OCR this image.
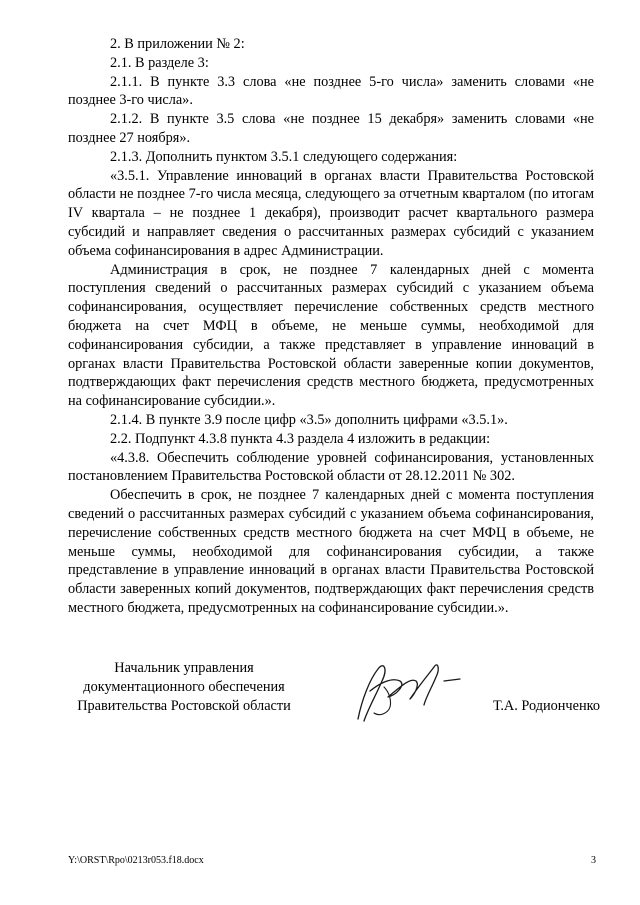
2. В приложении № 2:

2.1. В разделе 3:

2.1.1. В пункте 3.3 слова «не позднее 5-го числа» заменить словами «не позднее 3-го числа».

2.1.2. В пункте 3.5 слова «не позднее 15 декабря» заменить словами «не позднее 27 ноября».

2.1.3. Дополнить пунктом 3.5.1 следующего содержания:

«3.5.1. Управление инноваций в органах власти Правительства Ростовской области не позднее 7-го числа месяца, следующего за отчетным кварталом (по итогам IV квартала – не позднее 1 декабря), производит расчет квартального размера субсидий и направляет сведения о рассчитанных размерах субсидий с указанием объема софинансирования в адрес Администрации.

Администрация в срок, не позднее 7 календарных дней с момента поступления сведений о рассчитанных размерах субсидий с указанием объема софинансирования, осуществляет перечисление собственных средств местного бюджета на счет МФЦ в объеме, не меньше суммы, необходимой для софинансирования субсидии, а также представляет в управление инноваций в органах власти Правительства Ростовской области заверенные копии документов, подтверждающих факт перечисления средств местного бюджета, предусмотренных на софинансирование субсидии.».

2.1.4. В пункте 3.9 после цифр «3.5» дополнить цифрами «3.5.1».

2.2. Подпункт 4.3.8 пункта 4.3 раздела 4 изложить в редакции:

«4.3.8. Обеспечить соблюдение уровней софинансирования, установленных постановлением Правительства Ростовской области от 28.12.2011 № 302.

Обеспечить в срок, не позднее 7 календарных дней с момента поступления сведений о рассчитанных размерах субсидий с указанием объема софинансирования, перечисление собственных средств местного бюджета на счет МФЦ в объеме, не меньше суммы, необходимой для софинансирования субсидии, а также представление в управление инноваций в органах власти Правительства Ростовской области заверенных копий документов, подтверждающих факт перечисления средств местного бюджета, предусмотренных на софинансирование субсидии.».

Начальник управления
документационного обеспечения
Правительства Ростовской области	Т.А. Родионченко
Y:\ORST\Rpo\0213r053.f18.docx	3
